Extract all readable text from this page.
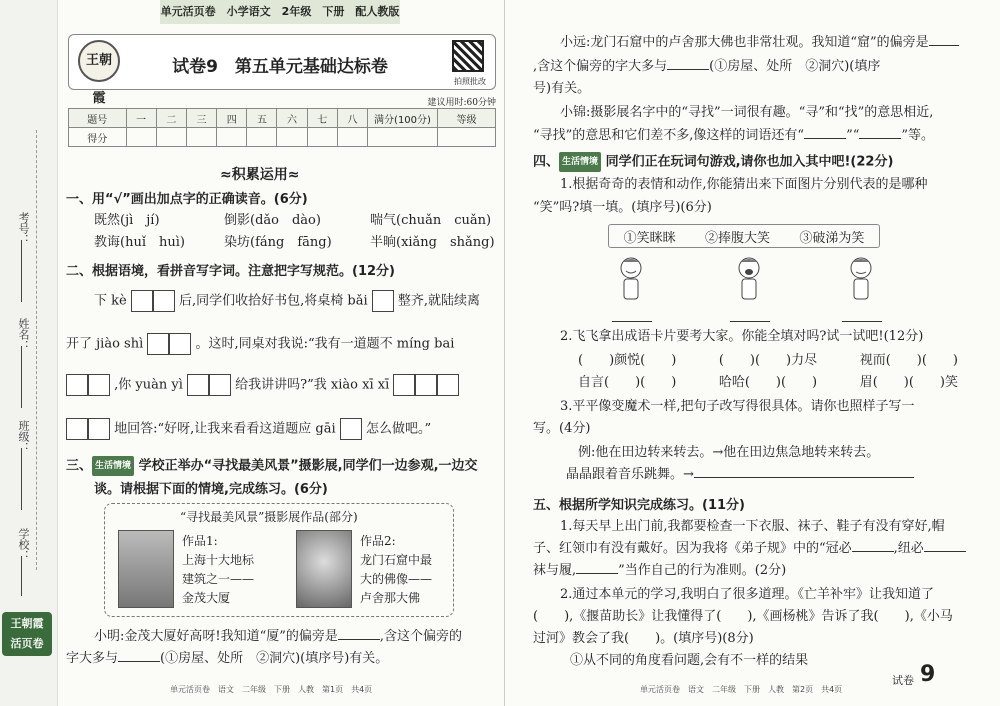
考号：
姓名：
班级：
学校：
王朝霞
活页卷
单元活页卷　小学语文　2年级　下册　配人教版
王朝霞
试卷9　第五单元基础达标卷
拍照批改
建议用时:60分钟
题号	一	二	三	四	五	六	七	八	满分(100分)	等级
得分										
≈积累运用≈
一、用“√”画出加点字的正确读音。(6分)
既然(jì　jí)	倒影(dǎo　dào)	喘气(chuǎn　cuǎn)
教诲(huǐ　huì)	染坊(fáng　fāng)	半晌(xiǎng　shǎng)
二、根据语境，看拼音写字词。注意把字写规范。(12分)
下 kè	后,同学们收拾好书包,将桌椅 bǎi 整齐,就陆续离
开了 jiào shì	。这时,同桌对我说:“我有一道题不 míng bai
,你 yuàn yì	给我讲讲吗?”我 xiào xī xī
地回答:“好呀,让我来看看这道题应 gāi 怎么做吧。”
三、 生活情境 学校正举办“寻找最美风景”摄影展,同学们一边参观,一边交
谈。请根据下面的情境,完成练习。(6分)
“寻找最美风景”摄影展作品(部分)
作品1:
上海十大地标
建筑之一——
金茂大厦
作品2:
龙门石窟中最
大的佛像——
卢舍那大佛
小明:金茂大厦好高呀!我知道“厦”的偏旁是	,含这个偏旁的
字大多与	(①房屋、处所　②洞穴)(填序号)有关。
单元活页卷　语文　二年级　下册　人教　第1页　共4页
小远:龙门石窟中的卢舍那大佛也非常壮观。我知道“窟”的偏旁是
,含这个偏旁的字大多与	(①房屋、处所　②洞穴)(填序
号)有关。
小锦:摄影展名字中的“寻找”一词很有趣。“寻”和“找”的意思相近,
“寻找”的意思和它们差不多,像这样的词语还有“	”“	”等。
四、 生活情境 同学们正在玩词句游戏,请你也加入其中吧!(22分)
1.根据奇奇的表情和动作,你能猜出来下面图片分别代表的是哪种
“笑”吗?填一填。(填序号)(6分)
①笑眯眯 ②捧腹大笑 ③破涕为笑
2.飞飞拿出成语卡片要考大家。你能全填对吗?试一试吧!(12分)
(　　)颜悦(　　)	(　　)(　　)力尽	视而(　　)(　　)
自言(　　)(　　)	哈哈(　　)(　　)	眉(　　)(　　)笑
3.平平像变魔术一样,把句子改写得很具体。请你也照样子写一
写。(4分)
例:他在田边转来转去。→他在田边焦急地转来转去。
晶晶跟着音乐跳舞。→
五、根据所学知识完成练习。(11分)
1.每天早上出门前,我都要检查一下衣服、袜子、鞋子有没有穿好,帽
子、红领巾有没有戴好。因为我将《弟子规》中的“冠必	,纽必
袜与履,	”当作自己的行为准则。(2分)
2.通过本单元的学习,我明白了很多道理。《亡羊补牢》让我知道了
(　　),《揠苗助长》让我懂得了(　　),《画杨桃》告诉了我(　　),《小马
过河》教会了我(　　)。(填序号)(8分)
①从不同的角度看问题,会有不一样的结果
单元活页卷　语文　二年级　下册　人教　第2页　共4页
试卷 9
